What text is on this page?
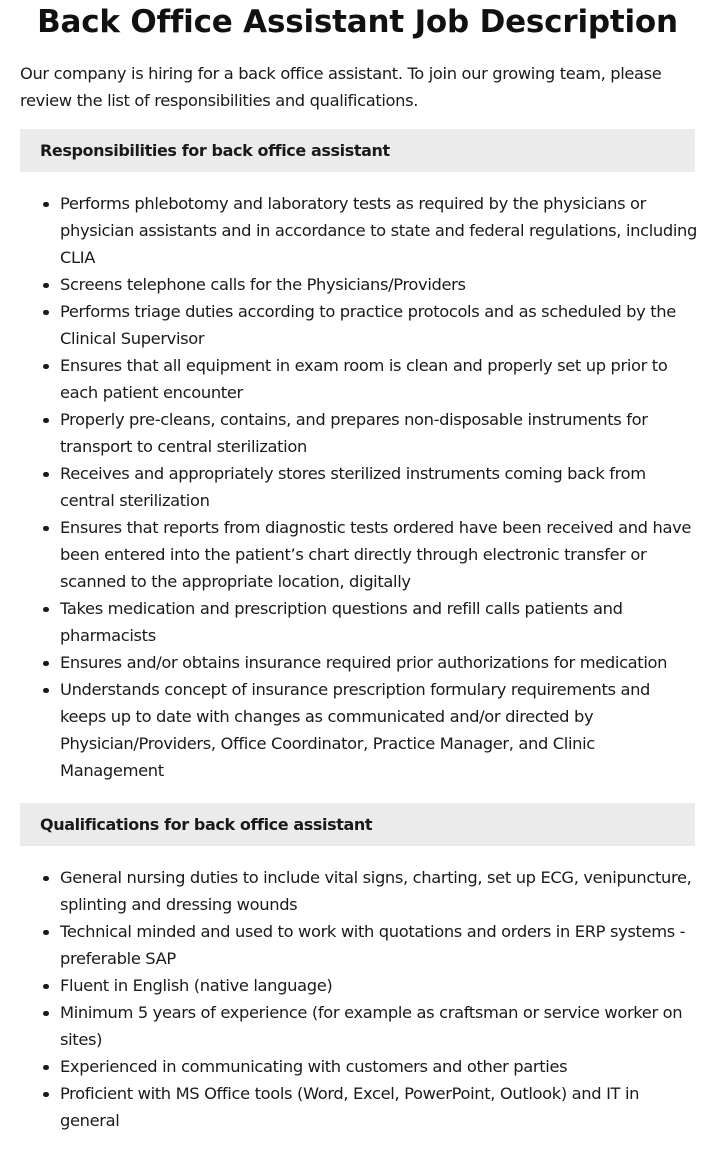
Back Office Assistant Job Description

Our company is hiring for a back office assistant. To join our growing team, please review the list of responsibilities and qualifications.

Responsibilities for back office assistant
Performs phlebotomy and laboratory tests as required by the physicians or physician assistants and in accordance to state and federal regulations, including CLIA
Screens telephone calls for the Physicians/Providers
Performs triage duties according to practice protocols and as scheduled by the Clinical Supervisor
Ensures that all equipment in exam room is clean and properly set up prior to each patient encounter
Properly pre-cleans, contains, and prepares non-disposable instruments for transport to central sterilization
Receives and appropriately stores sterilized instruments coming back from central sterilization
Ensures that reports from diagnostic tests ordered have been received and have been entered into the patient’s chart directly through electronic transfer or scanned to the appropriate location, digitally
Takes medication and prescription questions and refill calls patients and pharmacists
Ensures and/or obtains insurance required prior authorizations for medication
Understands concept of insurance prescription formulary requirements and keeps up to date with changes as communicated and/or directed by Physician/Providers, Office Coordinator, Practice Manager, and Clinic Management
Qualifications for back office assistant
General nursing duties to include vital signs, charting, set up ECG, venipuncture, splinting and dressing wounds
Technical minded and used to work with quotations and orders in ERP systems - preferable SAP
Fluent in English (native language)
Minimum 5 years of experience (for example as craftsman or service worker on sites)
Experienced in communicating with customers and other parties
Proficient with MS Office tools (Word, Excel, PowerPoint, Outlook) and IT in general
